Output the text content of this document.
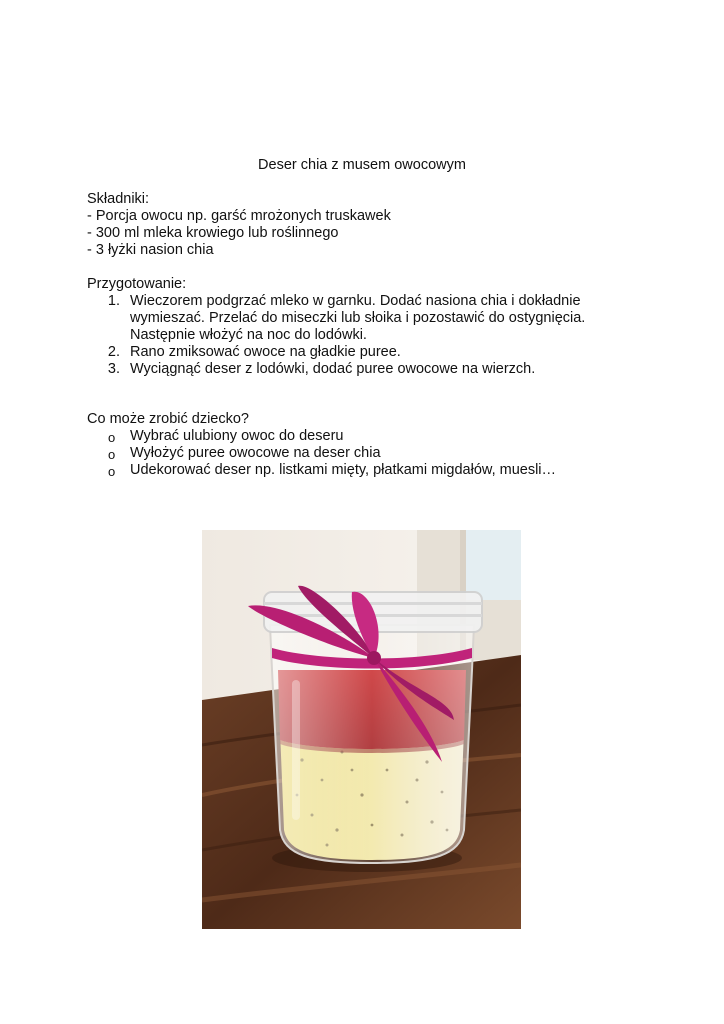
Deser chia z musem owocowym
Składniki:
- Porcja owocu np. garść mrożonych truskawek
- 300 ml mleka krowiego lub roślinnego
- 3 łyżki nasion chia
Przygotowanie:
1. Wieczorem podgrzać mleko w garnku. Dodać nasiona chia i dokładnie
wymieszać. Przelać do miseczki lub słoika i pozostawić do ostygnięcia.
Następnie włożyć na noc do lodówki.
2. Rano zmiksować owoce na gładkie puree.
3. Wyciągnąć deser z lodówki, dodać puree owocowe na wierzch.
Co może zrobić dziecko?
o Wybrać ulubiony owoc do deseru
o Wyłożyć puree owocowe na deser chia
o Udekorować deser np. listkami mięty, płatkami migdałów, muesli…
